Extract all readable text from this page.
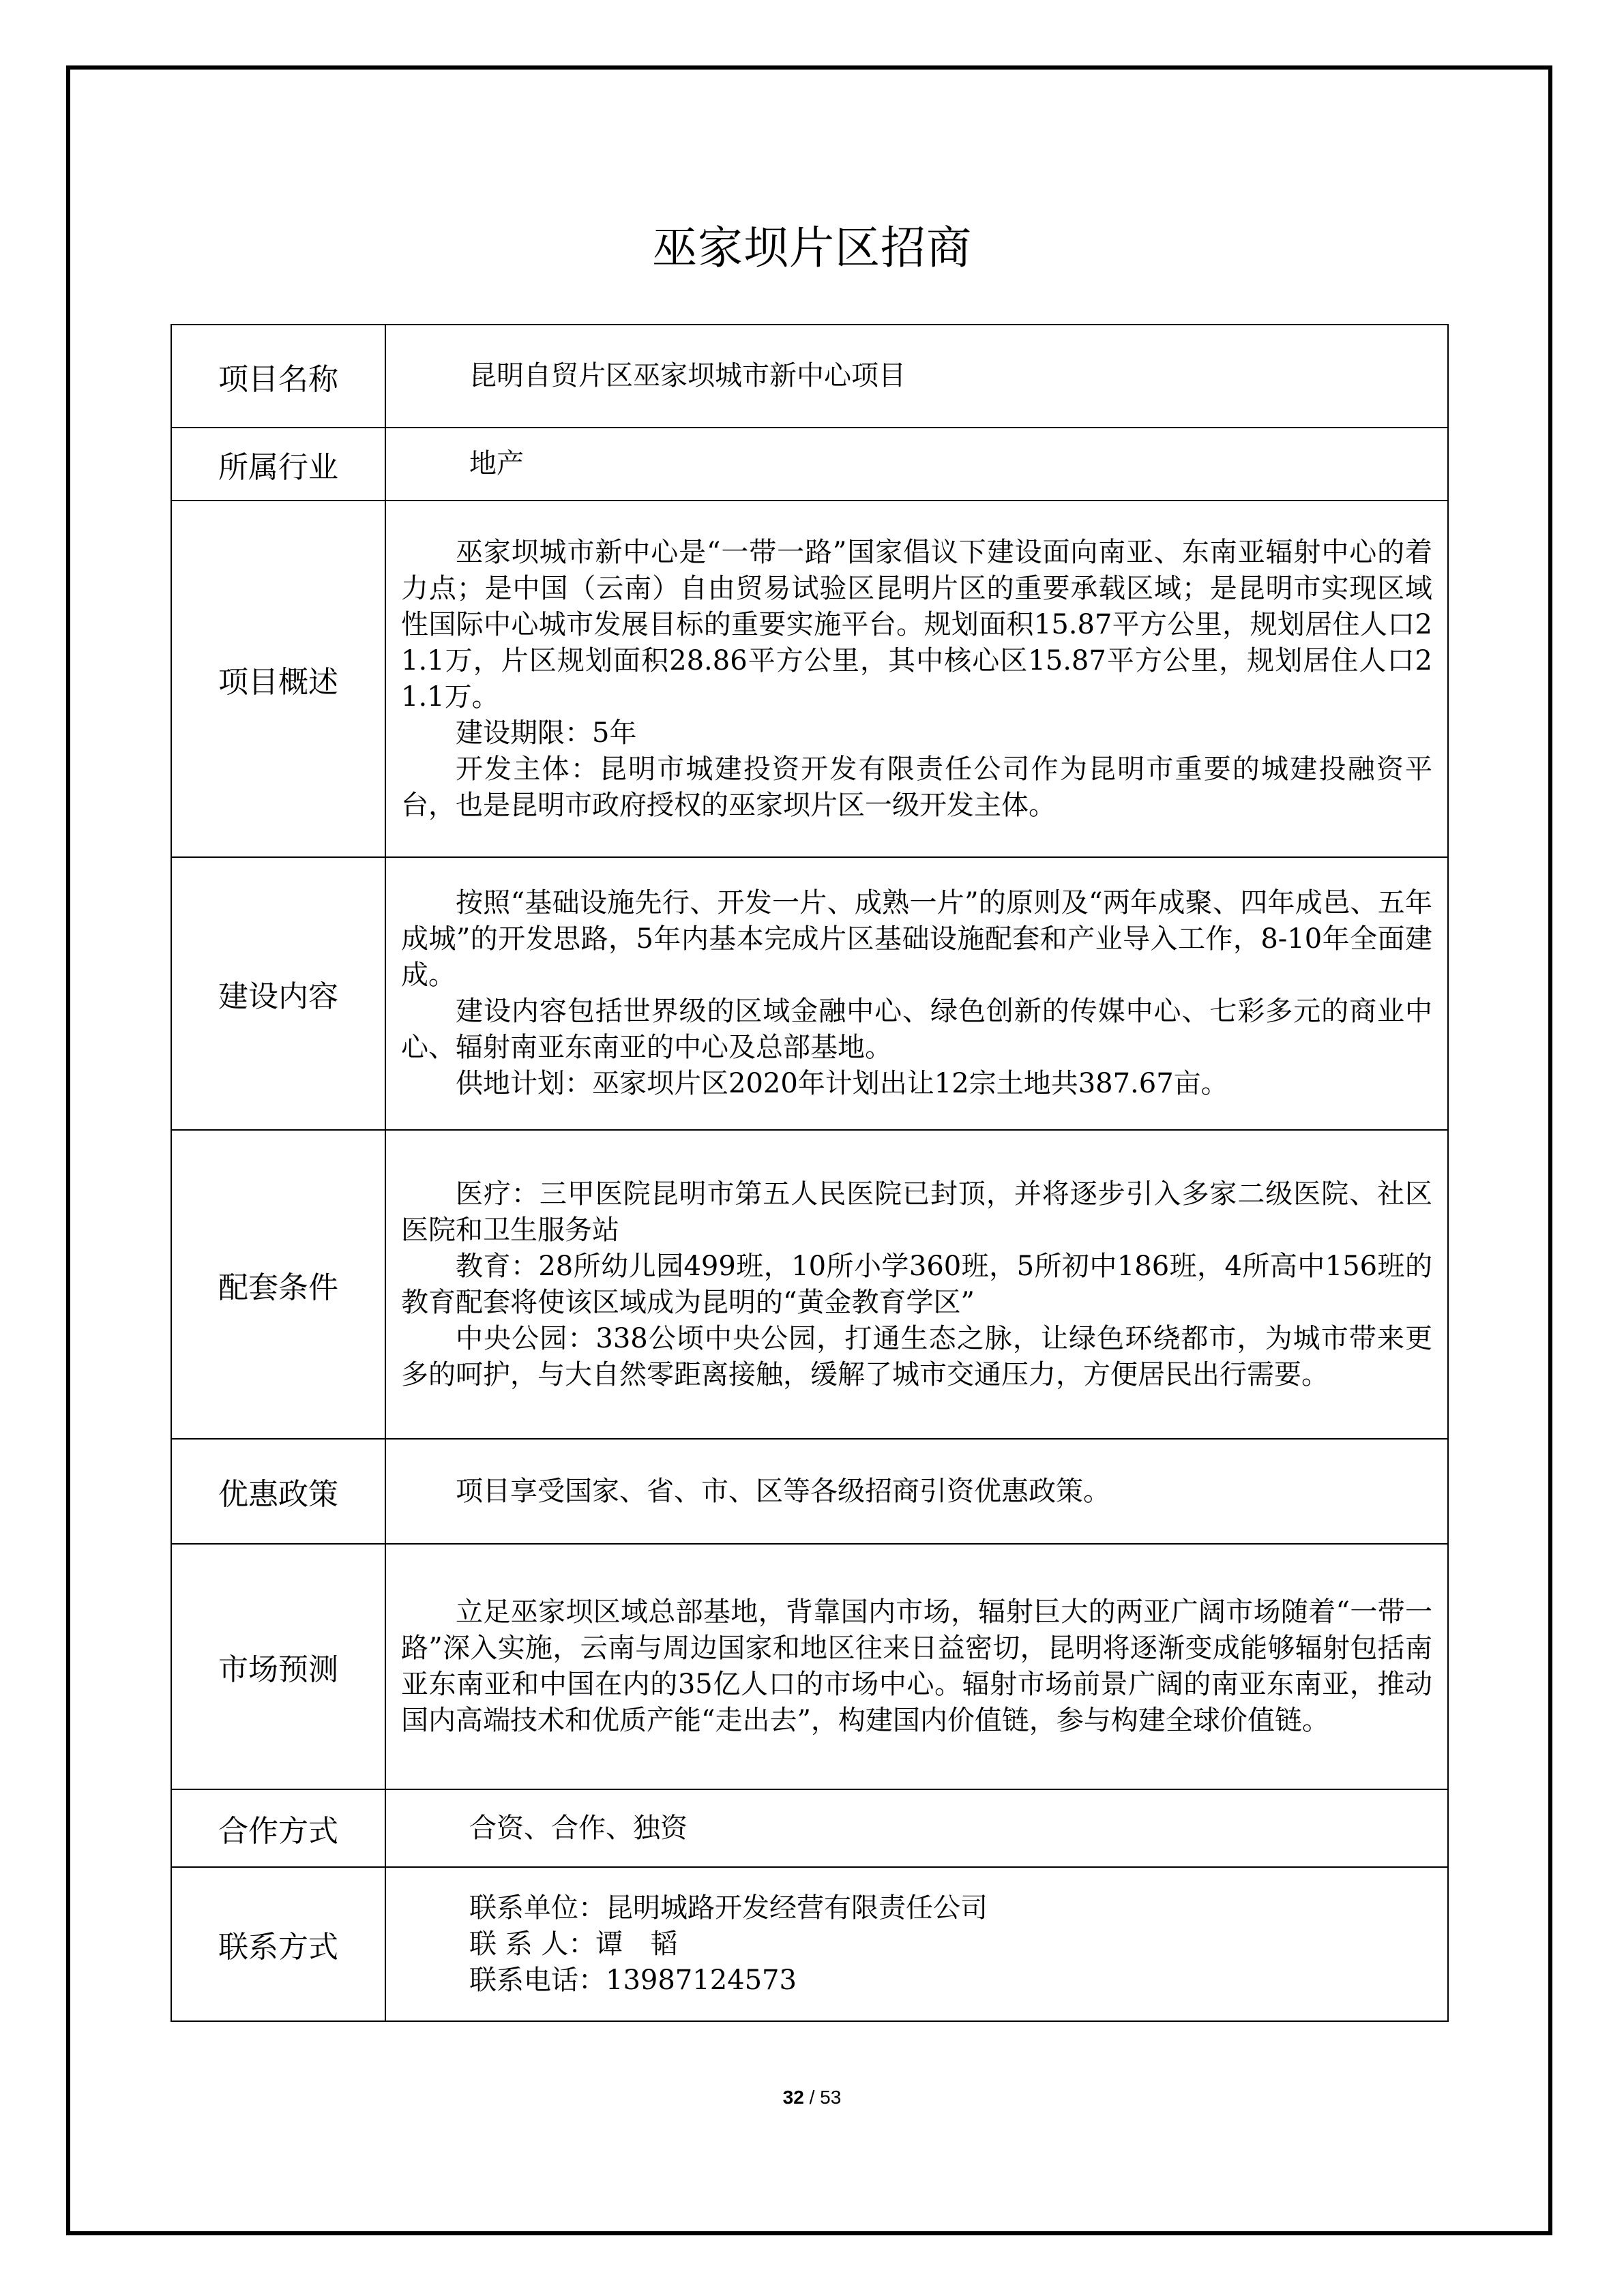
巫家坝片区招商
项目名称	昆明自贸片区巫家坝城市新中心项目

所属行业	地产

项目概述	巫家坝城市新中心是“一带一路”国家倡议下建设面向南亚、东南亚辐射中心的着力点；是中国（云南）自由贸易试验区昆明片区的重要承载区域；是昆明市实现区域性国际中心城市发展目标的重要实施平台。规划面积15.87平方公里，规划居住人口21.1万，片区规划面积28.86平方公里，其中核心区15.87平方公里，规划居住人口21.1万。
建设期限：5年
开发主体：昆明市城建投资开发有限责任公司作为昆明市重要的城建投融资平台，也是昆明市政府授权的巫家坝片区一级开发主体。

建设内容	按照“基础设施先行、开发一片、成熟一片”的原则及“两年成聚、四年成邑、五年成城”的开发思路，5年内基本完成片区基础设施配套和产业导入工作，8-10年全面建成。
建设内容包括世界级的区域金融中心、绿色创新的传媒中心、七彩多元的商业中心、辐射南亚东南亚的中心及总部基地。
供地计划：巫家坝片区2020年计划出让12宗土地共387.67亩。

配套条件	医疗：三甲医院昆明市第五人民医院已封顶，并将逐步引入多家二级医院、社区医院和卫生服务站
教育：28所幼儿园499班，10所小学360班，5所初中186班，4所高中156班的教育配套将使该区域成为昆明的“黄金教育学区”
中央公园：338公顷中央公园，打通生态之脉，让绿色环绕都市，为城市带来更多的呵护，与大自然零距离接触，缓解了城市交通压力，方便居民出行需要。

优惠政策	项目享受国家、省、市、区等各级招商引资优惠政策。

市场预测	立足巫家坝区域总部基地，背靠国内市场，辐射巨大的两亚广阔市场随着“一带一路”深入实施，云南与周边国家和地区往来日益密切，昆明将逐渐变成能够辐射包括南亚东南亚和中国在内的35亿人口的市场中心。辐射市场前景广阔的南亚东南亚，推动国内高端技术和优质产能“走出去”，构建国内价值链，参与构建全球价值链。

合作方式	合资、合作、独资

联系方式	联系单位：昆明城路开发经营有限责任公司
联 系 人：谭　韬
联系电话：13987124573
32 / 53
